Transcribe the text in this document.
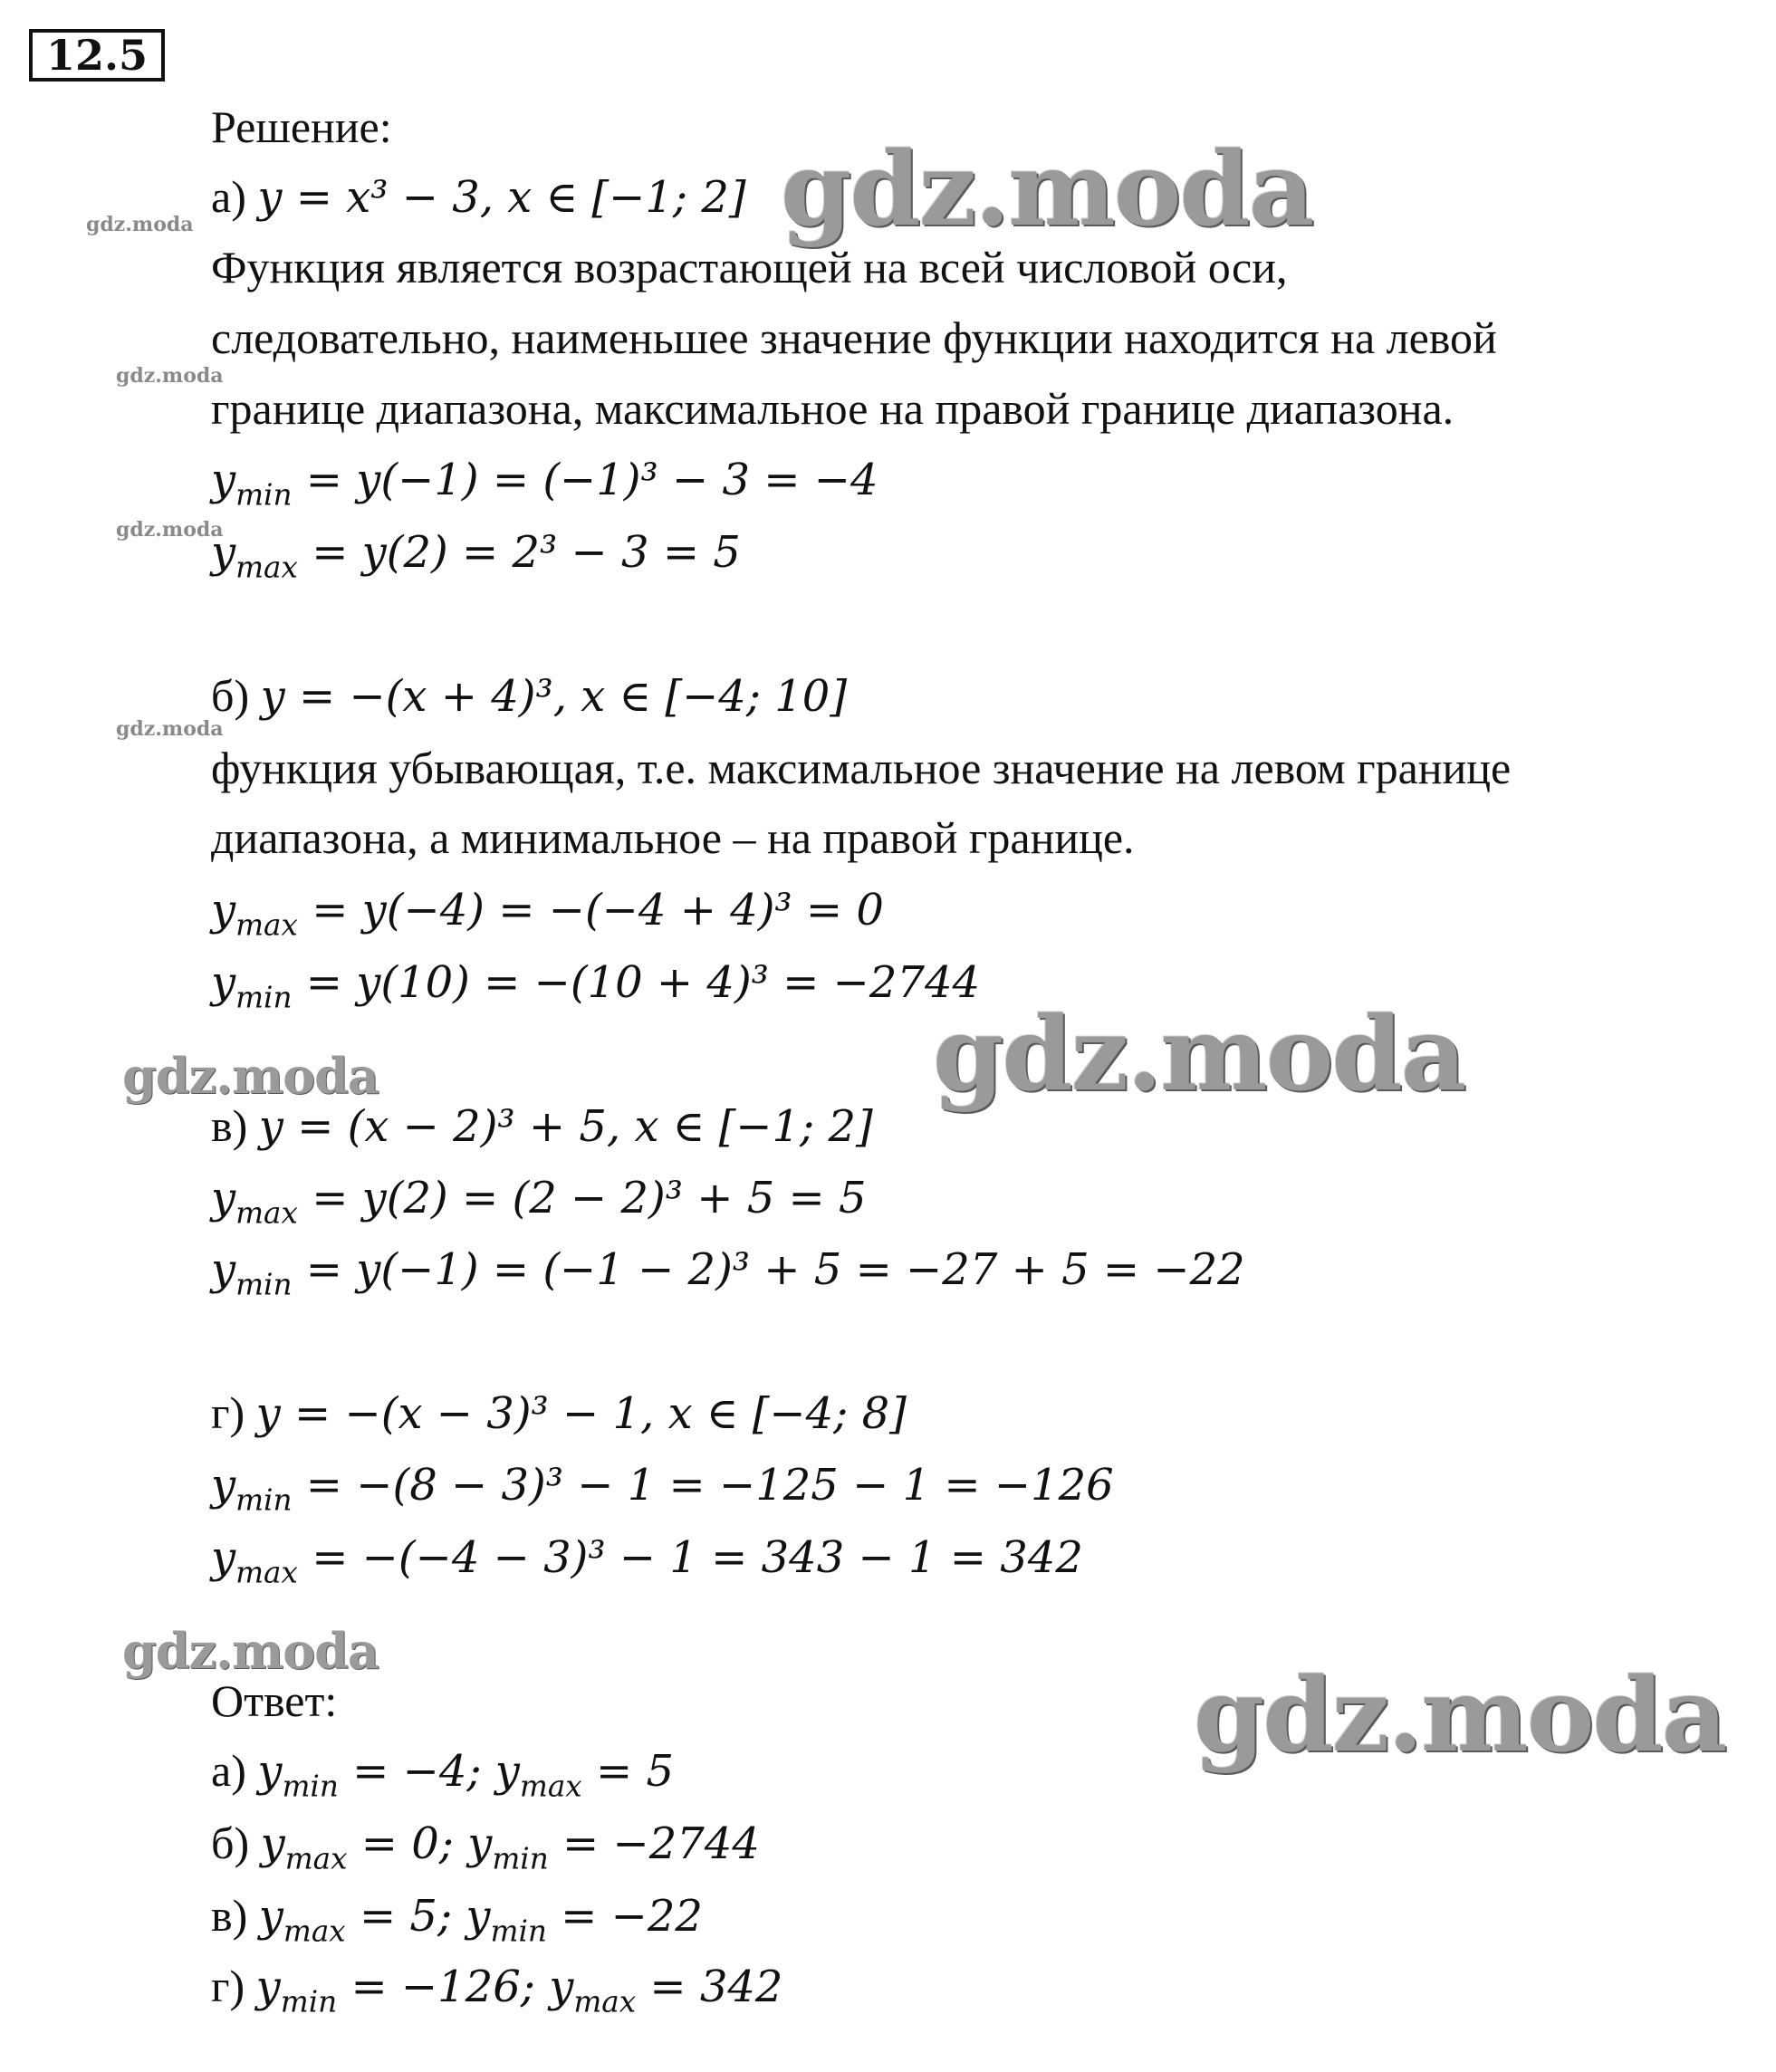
12.5
Решение:
а) y = x³ − 3, x ∈ [−1; 2]
Функция является возрастающей на всей числовой оси,
следовательно, наименьшее значение функции находится на левой
границе диапазона, максимальное на правой границе диапазона.
$y_{min} = y(-1) = (-1)^3 - 3 = -4$
$y_{max} = y(2) = 2^3 - 3 = 5$
б) y = −(x + 4)³, x ∈ [−4; 10]
функция убывающая, т.е. максимальное значение на левом границе
диапазона, а минимальное – на правой границе.
$y_{max} = y(-4) = -(-4 + 4)^3 = 0$
$y_{min} = y(10) = -(10 + 4)^3 = -2744$
в) y = (x − 2)³ + 5, x ∈ [−1; 2]
$y_{max} = y(2) = (2 - 2)^3 + 5 = 5$
$y_{min} = y(-1) = (-1 - 2)^3 + 5 = -27 + 5 = -22$
г) y = −(x − 3)³ − 1, x ∈ [−4; 8]
$y_{min} = -(8 - 3)^3 - 1 = -125 - 1 = -126$
$y_{max} = -(-4 - 3)^3 - 1 = 343 - 1 = 342$
Ответ:
а) $y_{min} = -4$; $y_{max} = 5$
б) $y_{max} = 0$; $y_{min} = -2744$
в) $y_{max} = 5$; $y_{min} = -22$
г) $y_{min} = -126$; $y_{max} = 342$
gdz.moda
gdz.moda
gdz.moda
gdz.moda
gdz.moda
gdz.moda
gdz.moda
gdz.moda
gdz.moda
